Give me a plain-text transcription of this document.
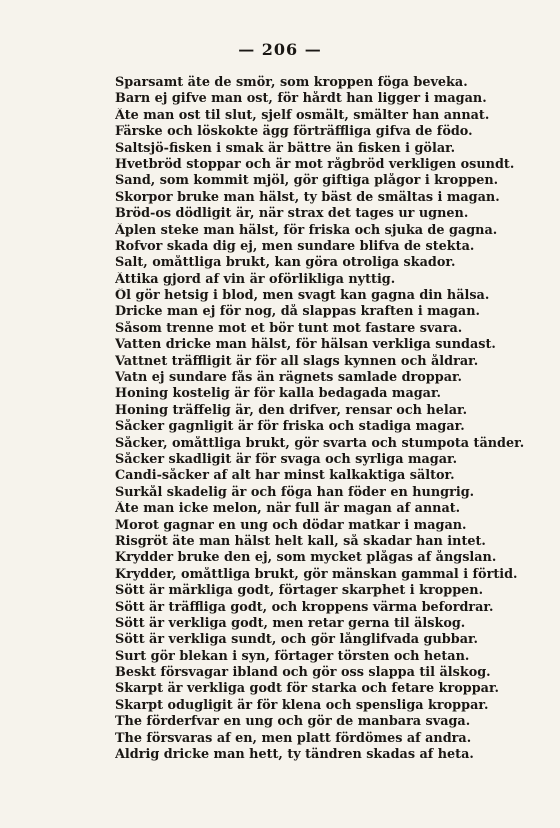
— 206 —
Sparsamt äte de smör, som kroppen föga beveka.
Barn ej gifve man ost, för hårdt han ligger i magan.
Äte man ost til slut, sjelf osmält, smälter han annat.
Färske och löskokte ägg förträffliga gifva de födo.
Saltsjö-fisken i smak är bättre än fisken i gölar.
Hvetbröd stoppar och är mot rågbröd verkligen osundt.
Sand, som kommit mjöl, gör giftiga plågor i kroppen.
Skorpor bruke man hälst, ty bäst de smältas i magan.
Bröd-os dödligit är, när strax det tages ur ugnen.
Äplen steke man hälst, för friska och sjuka de gagna.
Rofvor skada dig ej, men sundare blifva de stekta.
Salt, omåttliga brukt, kan göra otroliga skador.
Ättika gjord af vin är oförlikliga nyttig.
Öl gör hetsig i blod, men svagt kan gagna din hälsa.
Dricke man ej för nog, då slappas kraften i magan.
Såsom trenne mot et bör tunt mot fastare svara.
Vatten dricke man hälst, för hälsan verkliga sundast.
Vattnet träffligit är för all slags kynnen och åldrar.
Vatn ej sundare fås än rägnets samlade droppar.
Honing kostelig är för kalla bedagada magar.
Honing träffelig är, den drifver, rensar och helar.
Såcker gagnligit är för friska och stadiga magar.
Såcker, omåttliga brukt, gör svarta och stumpota tänder.
Såcker skadligit är för svaga och syrliga magar.
Candi-såcker af alt har minst kalkaktiga sältor.
Surkål skadelig är och föga han föder en hungrig.
Äte man icke melon, när full är magan af annat.
Morot gagnar en ung och dödar matkar i magan.
Risgröt äte man hälst helt kall, så skadar han intet.
Krydder bruke den ej, som mycket plågas af ångslan.
Krydder, omåttliga brukt, gör mänskan gammal i förtid.
Sött är märkliga godt, förtager skarphet i kroppen.
Sött är träffliga godt, och kroppens värma befordrar.
Sött är verkliga godt, men retar gerna til älskog.
Sött är verkliga sundt, och gör långlifvada gubbar.
Surt gör blekan i syn, förtager törsten och hetan.
Beskt försvagar ibland och gör oss slappa til älskog.
Skarpt är verkliga godt för starka och fetare kroppar.
Skarpt odugligit är för klena och spensliga kroppar.
The förderfvar en ung och gör de manbara svaga.
The försvaras af en, men platt fördömes af andra.
Aldrig dricke man hett, ty tändren skadas af heta.
